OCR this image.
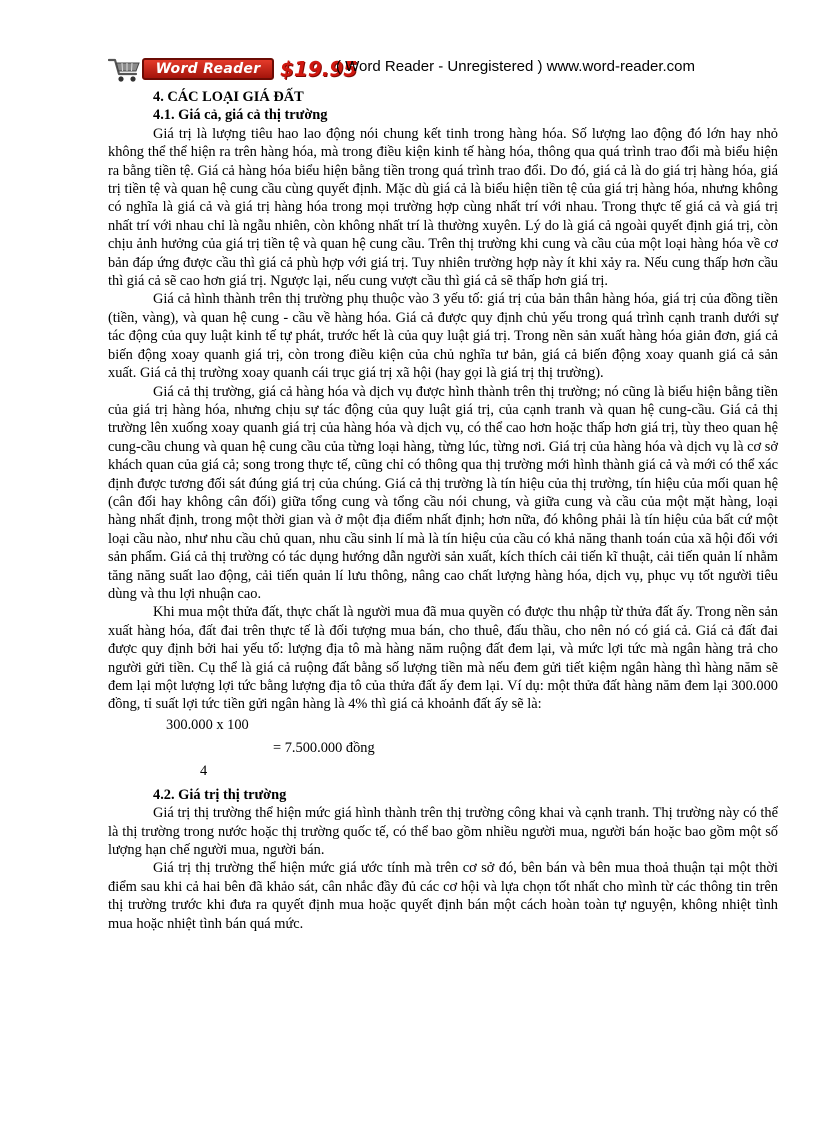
Word Reader $19.95
( Word Reader - Unregistered ) www.word-reader.com
4. CÁC LOẠI GIÁ ĐẤT
4.1. Giá cả, giá cả thị trường

Giá trị là lượng tiêu hao lao động nói chung kết tinh trong hàng hóa. Số lượng lao động đó lớn hay nhỏ không thể thể hiện ra trên hàng hóa, mà trong điều kiện kinh tế hàng hóa, thông qua quá trình trao đổi mà biểu hiện ra bằng tiền tệ. Giá cả hàng hóa biểu hiện bằng tiền trong quá trình trao đổi. Do đó, giá cả là do giá trị hàng hóa, giá trị tiền tệ và quan hệ cung cầu cùng quyết định. Mặc dù giá cả là biểu hiện tiền tệ của giá trị hàng hóa, nhưng không có nghĩa là giá cả và giá trị hàng hóa trong mọi trường hợp cùng nhất trí với nhau. Trong thực tế giá cả và giá trị nhất trí với nhau chỉ là ngẫu nhiên, còn không nhất trí là thường xuyên. Lý do là giá cả ngoài quyết định giá trị, còn chịu ảnh hưởng của giá trị tiền tệ và quan hệ cung cầu. Trên thị trường khi cung và cầu của một loại hàng hóa về cơ bản đáp ứng được cầu thì giá cả phù hợp với giá trị. Tuy nhiên trường hợp này ít khi xảy ra. Nếu cung thấp hơn cầu thì giá cả sẽ cao hơn giá trị. Ngược lại, nếu cung vượt cầu thì giá cả sẽ thấp hơn giá trị.

Giá cả hình thành trên thị trường phụ thuộc vào 3 yếu tố: giá trị của bản thân hàng hóa, giá trị của đồng tiền (tiền, vàng), và quan hệ cung - cầu về hàng hóa. Giá cả được quy định chủ yếu trong quá trình cạnh tranh dưới sự tác động của quy luật kinh tế tự phát, trước hết là của quy luật giá trị. Trong nền sản xuất hàng hóa giản đơn, giá cả biến động xoay quanh giá trị, còn trong điều kiện của chủ nghĩa tư bản, giá cả biến động xoay quanh giá cả sản xuất. Giá cả thị trường xoay quanh cái trục giá trị xã hội (hay gọi là giá trị thị trường).

Giá cả thị trường, giá cả hàng hóa và dịch vụ được hình thành trên thị trường; nó cũng là biểu hiện bằng tiền của giá trị hàng hóa, nhưng chịu sự tác động của quy luật giá trị, của cạnh tranh và quan hệ cung-cầu. Giá cả thị trường lên xuống xoay quanh giá trị của hàng hóa và dịch vụ, có thể cao hơn hoặc thấp hơn giá trị, tùy theo quan hệ cung-cầu chung và quan hệ cung cầu của từng loại hàng, từng lúc, từng nơi. Giá trị của hàng hóa và dịch vụ là cơ sở khách quan của giá cả; song trong thực tế, cũng chỉ có thông qua thị trường mới hình thành giá cả và mới có thể xác định được tương đối sát đúng giá trị của chúng. Giá cả thị trường là tín hiệu của thị trường, tín hiệu của mối quan hệ (cân đối hay không cân đối) giữa tổng cung và tổng cầu nói chung, và giữa cung và cầu của một mặt hàng, loại hàng nhất định, trong một thời gian và ở một địa điểm nhất định; hơn nữa, đó không phải là tín hiệu của bất cứ một loại cầu nào, như nhu cầu chủ quan, nhu cầu sinh lí mà là tín hiệu của cầu có khả năng thanh toán của xã hội đối với sản phẩm. Giá cả thị trường có tác dụng hướng dẫn người sản xuất, kích thích cải tiến kĩ thuật, cải tiến quản lí nhằm tăng năng suất lao động, cải tiến quản lí lưu thông, nâng cao chất lượng hàng hóa, dịch vụ, phục vụ tốt người tiêu dùng và thu lợi nhuận cao.

Khi mua một thửa đất, thực chất là người mua đã mua quyền có được thu nhập từ thửa đất ấy. Trong nền sản xuất hàng hóa, đất đai trên thực tế là đối tượng mua bán, cho thuê, đấu thầu, cho nên nó có giá cả. Giá cả đất đai được quy định bởi hai yếu tố: lượng địa tô mà hàng năm ruộng đất đem lại, và mức lợi tức mà ngân hàng trả cho người gửi tiền. Cụ thể là giá cả ruộng đất bằng số lượng tiền mà nếu đem gửi tiết kiệm ngân hàng thì hàng năm sẽ đem lại một lượng lợi tức bằng lượng địa tô của thửa đất ấy đem lại. Ví dụ: một thửa đất hàng năm đem lại 300.000 đồng, tỉ suất lợi tức tiền gửi ngân hàng là 4% thì giá cả khoảnh đất ấy sẽ là:

300.000 x 100
= 7.500.000 đồng
4
4.2. Giá trị thị trường

Giá trị thị trường thể hiện mức giá hình thành trên thị trường công khai và cạnh tranh. Thị trường này có thể là thị trường trong nước hoặc thị trường quốc tế, có thể bao gồm nhiều người mua, người bán hoặc bao gồm một số lượng hạn chế người mua, người bán.

Giá trị thị trường thể hiện mức giá ước tính mà trên cơ sở đó, bên bán và bên mua thoả thuận tại một thời điểm sau khi cả hai bên đã khảo sát, cân nhắc đầy đủ các cơ hội và lựa chọn tốt nhất cho mình từ các thông tin trên thị trường trước khi đưa ra quyết định mua hoặc quyết định bán một cách hoàn toàn tự nguyện, không nhiệt tình mua hoặc nhiệt tình bán quá mức.
